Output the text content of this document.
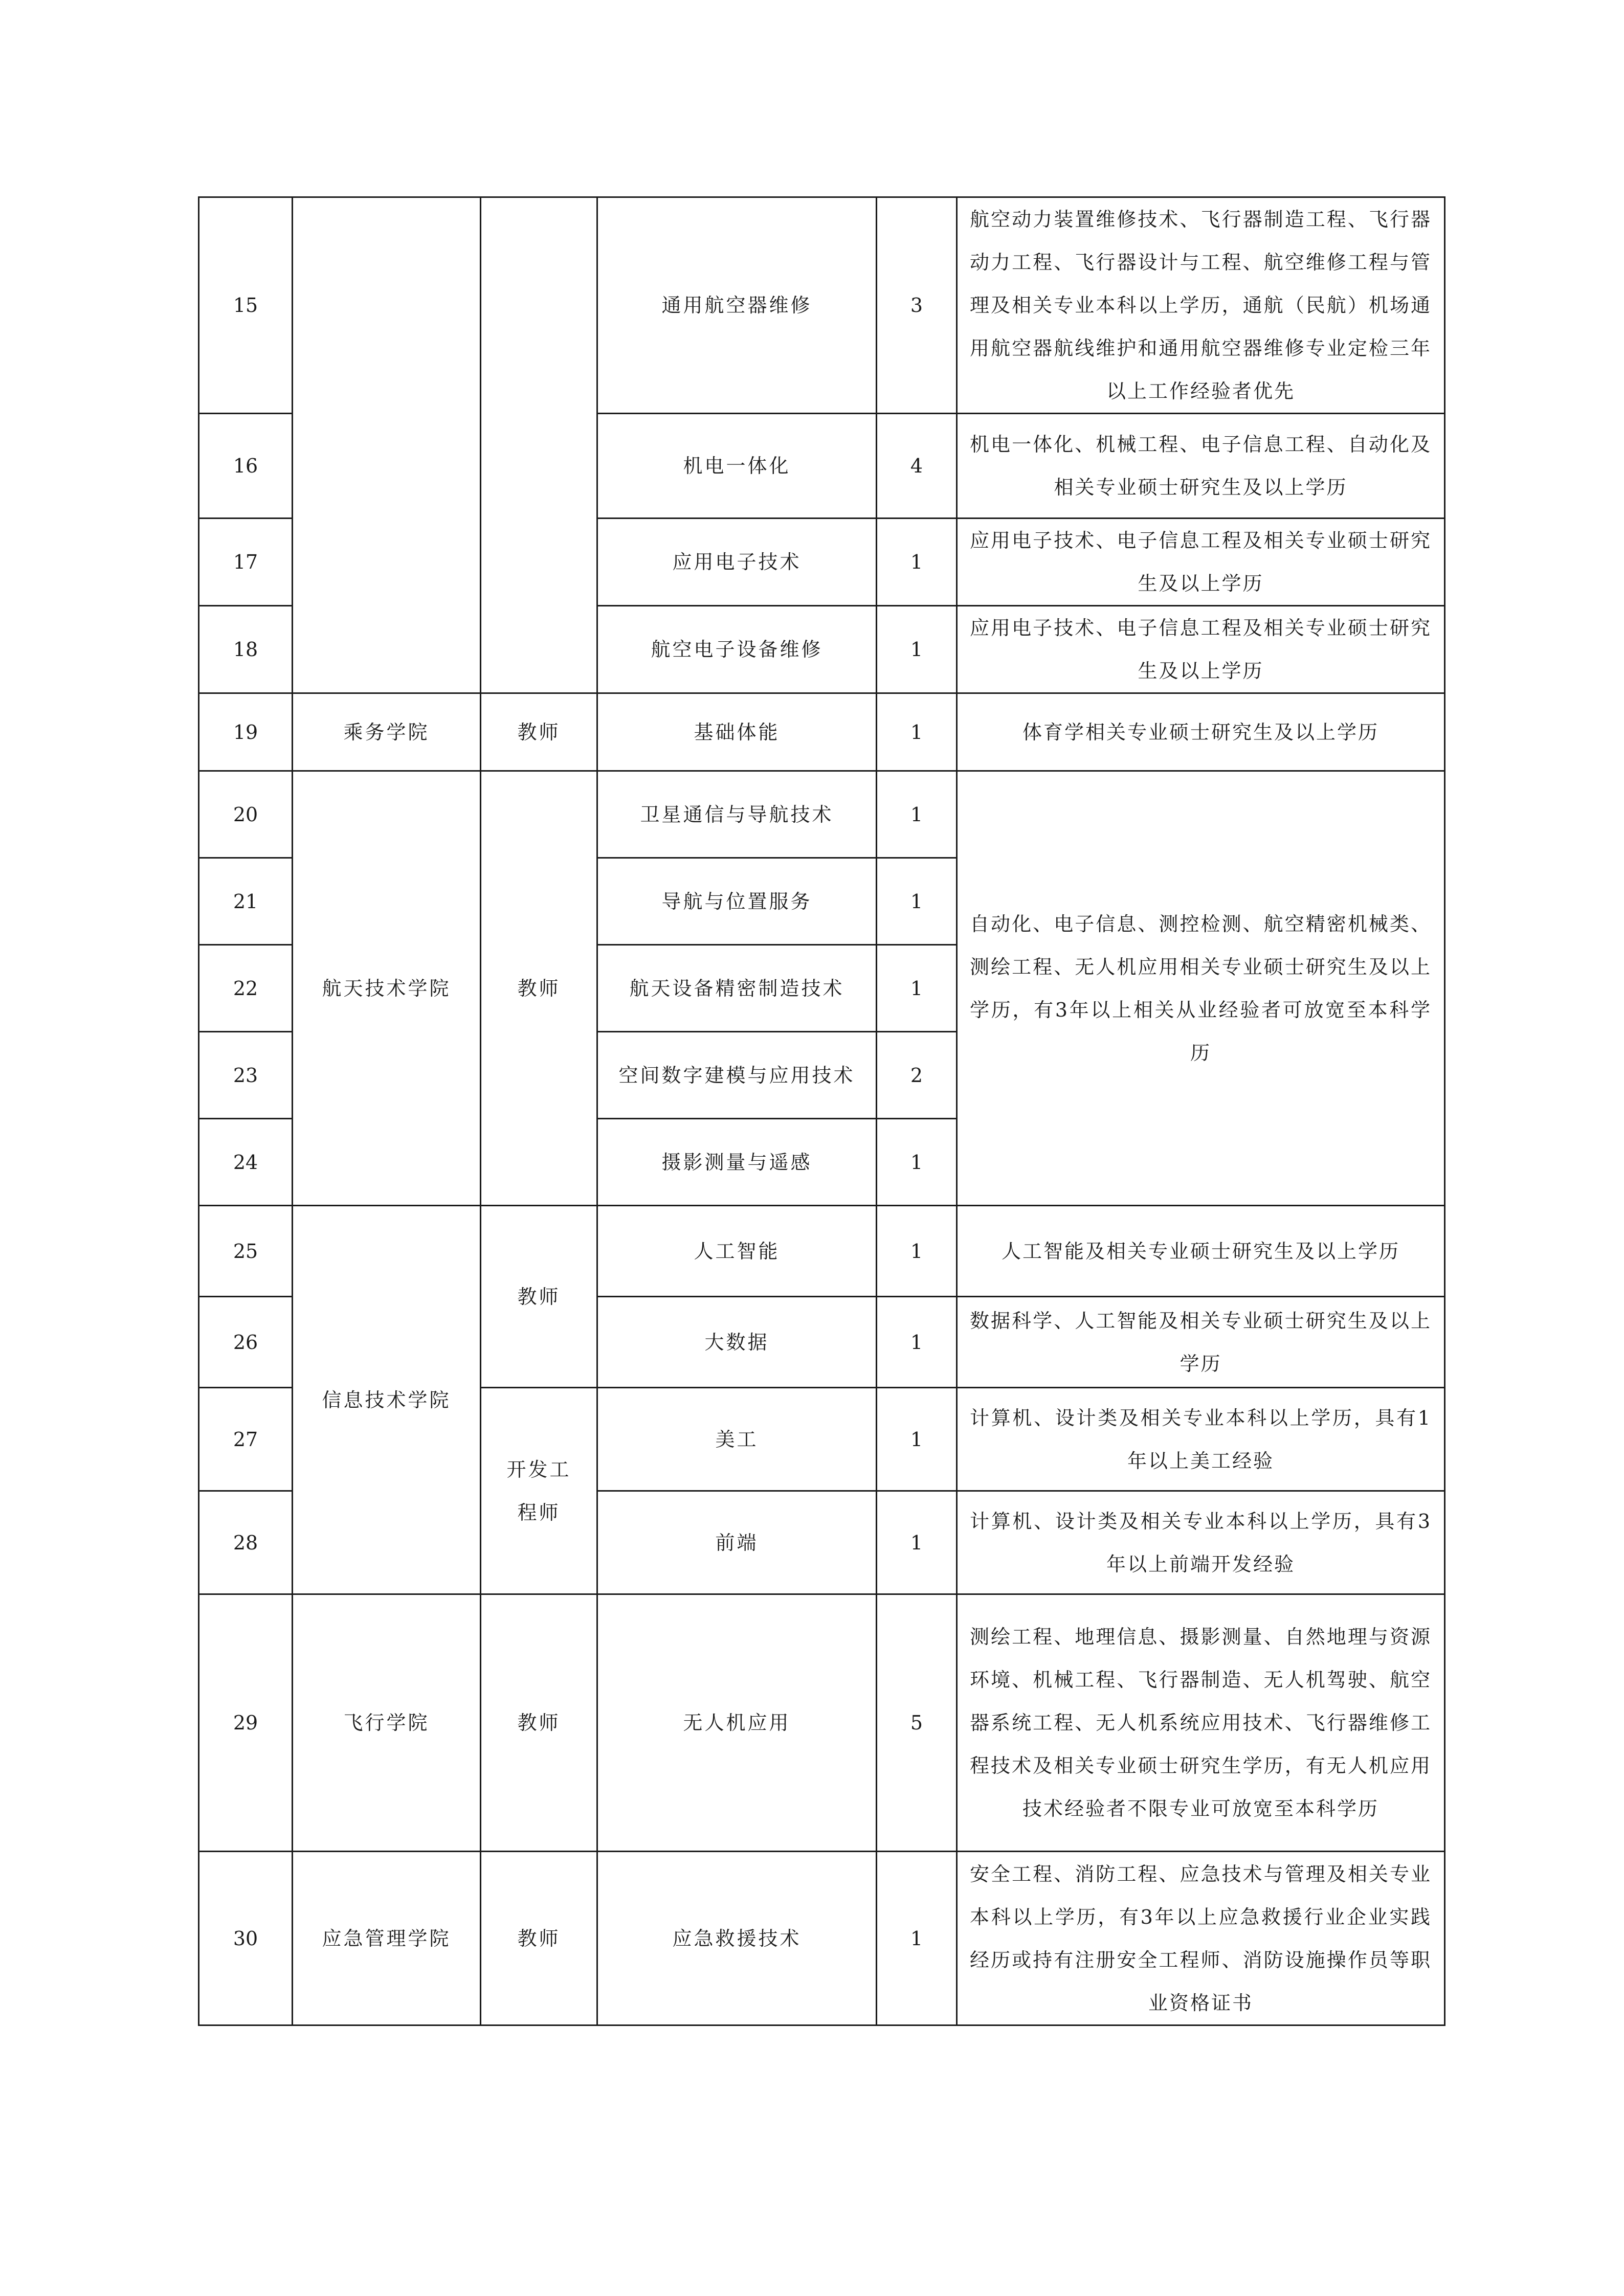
15			通用航空器维修	3	航空动力装置维修技术、飞行器制造工程、飞行器动力工程、飞行器设计与工程、航空维修工程与管理及相关专业本科以上学历，通航（民航）机场通用航空器航线维护和通用航空器维修专业定检三年以上工作经验者优先
16			机电一体化	4	机电一体化、机械工程、电子信息工程、自动化及相关专业硕士研究生及以上学历
17			应用电子技术	1	应用电子技术、电子信息工程及相关专业硕士研究生及以上学历
18			航空电子设备维修	1	应用电子技术、电子信息工程及相关专业硕士研究生及以上学历
19	乘务学院	教师	基础体能	1	体育学相关专业硕士研究生及以上学历
20	航天技术学院	教师	卫星通信与导航技术	1	自动化、电子信息、测控检测、航空精密机械类、测绘工程、无人机应用相关专业硕士研究生及以上学历，有3年以上相关从业经验者可放宽至本科学历
21			导航与位置服务	1	
22			航天设备精密制造技术	1	
23			空间数字建模与应用技术	2	
24			摄影测量与遥感	1	
25	信息技术学院	教师	人工智能	1	人工智能及相关专业硕士研究生及以上学历
26			大数据	1	数据科学、人工智能及相关专业硕士研究生及以上学历
27		开发工程师	美工	1	计算机、设计类及相关专业本科以上学历，具有1年以上美工经验
28			前端	1	计算机、设计类及相关专业本科以上学历，具有3年以上前端开发经验
29	飞行学院	教师	无人机应用	5	测绘工程、地理信息、摄影测量、自然地理与资源环境、机械工程、飞行器制造、无人机驾驶、航空器系统工程、无人机系统应用技术、飞行器维修工程技术及相关专业硕士研究生学历，有无人机应用技术经验者不限专业可放宽至本科学历
30	应急管理学院	教师	应急救援技术	1	安全工程、消防工程、应急技术与管理及相关专业本科以上学历，有3年以上应急救援行业企业实践经历或持有注册安全工程师、消防设施操作员等职业资格证书
